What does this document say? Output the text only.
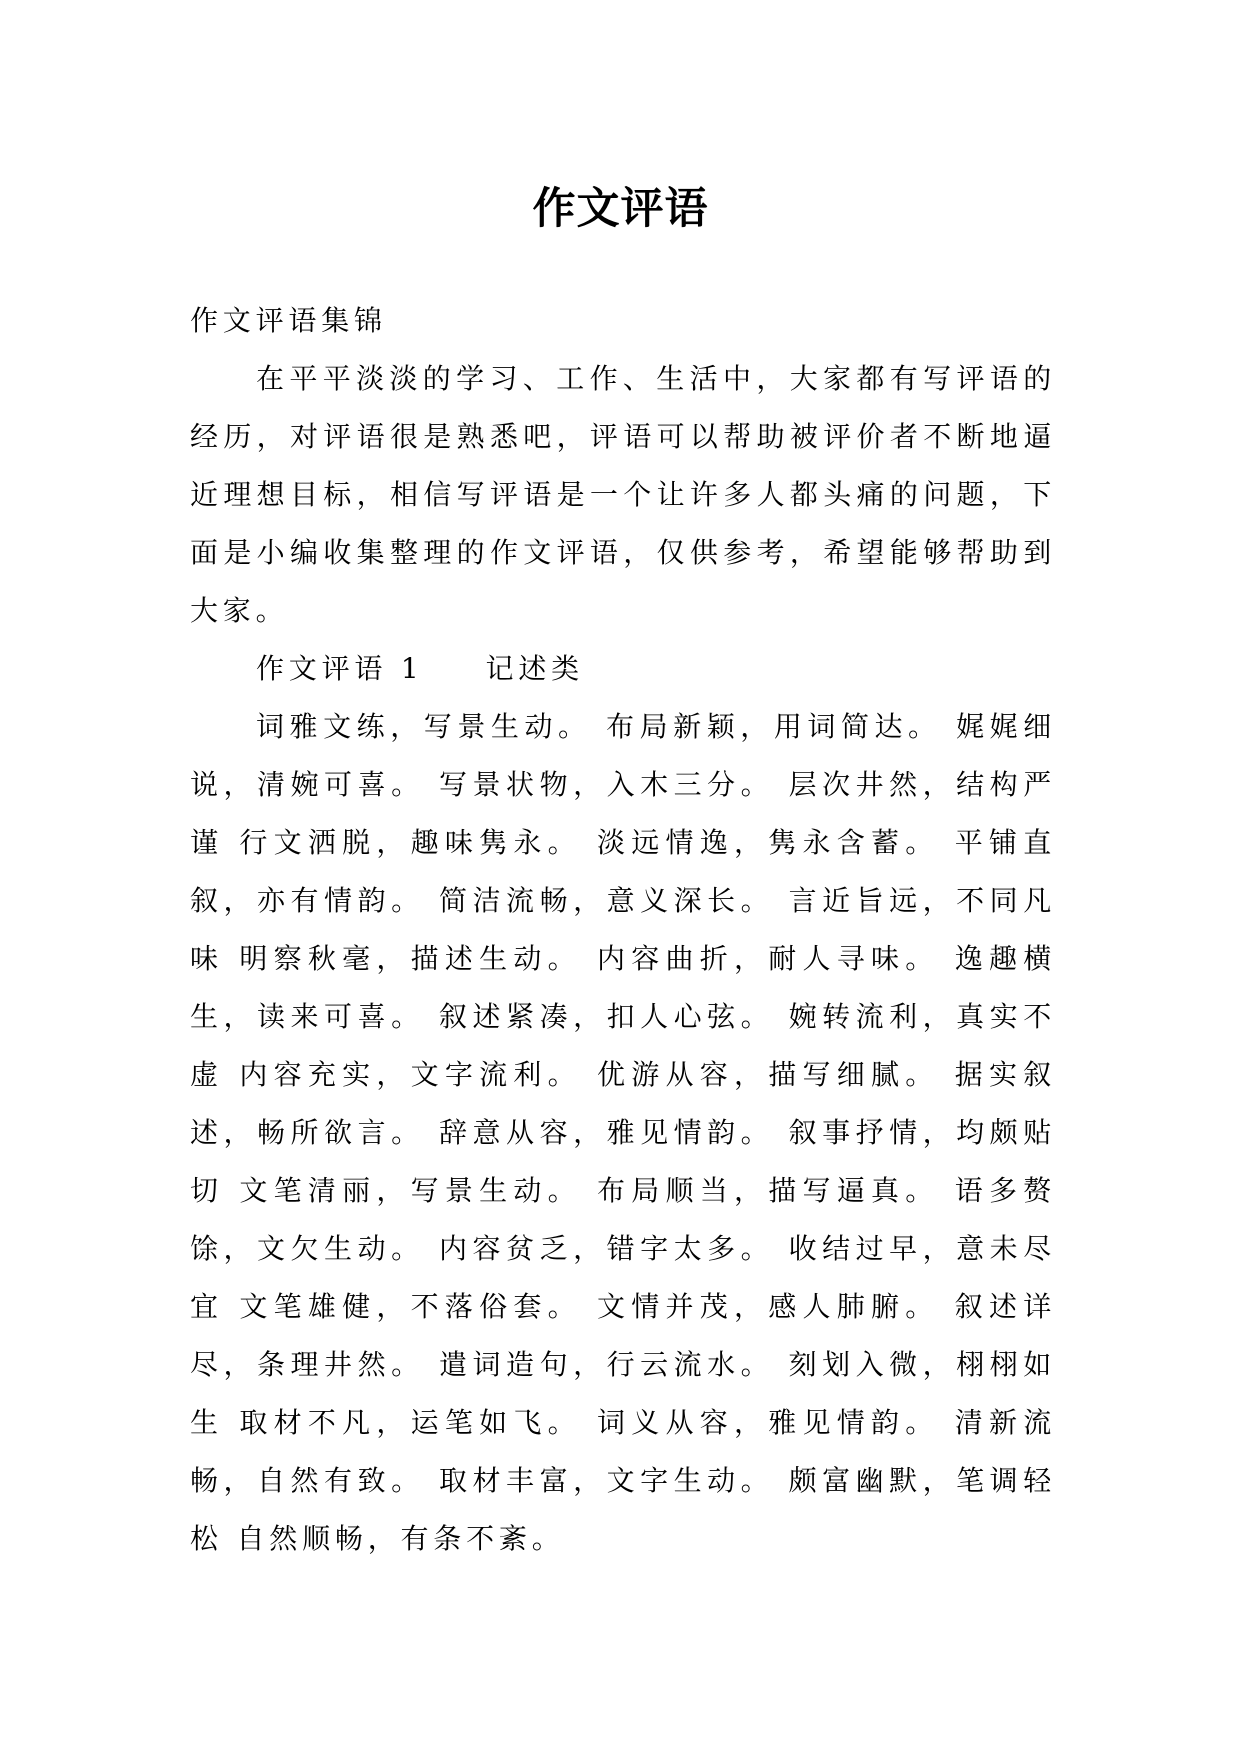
作文评语

作文评语集锦

在平平淡淡的学习、工作、生活中，大家都有写评语的经历，对评语很是熟悉吧，评语可以帮助被评价者不断地逼近理想目标，相信写评语是一个让许多人都头痛的问题，下面是小编收集整理的作文评语，仅供参考，希望能够帮助到大家。

作文评语 1 记述类

词雅文练，写景生动。 布局新颖，用词简达。 娓娓细说，清婉可喜。 写景状物，入木三分。 层次井然，结构严谨 行文洒脱，趣味隽永。 淡远情逸，隽永含蓄。 平铺直叙，亦有情韵。 简洁流畅，意义深长。 言近旨远，不同凡味 明察秋毫，描述生动。 内容曲折，耐人寻味。 逸趣横生，读来可喜。 叙述紧凑，扣人心弦。 婉转流利，真实不虚 内容充实，文字流利。 优游从容，描写细腻。 据实叙述，畅所欲言。 辞意从容，雅见情韵。 叙事抒情，均颇贴切 文笔清丽，写景生动。 布局顺当，描写逼真。 语多赘馀，文欠生动。 内容贫乏，错字太多。 收结过早，意未尽宜 文笔雄健，不落俗套。 文情并茂，感人肺腑。 叙述详尽，条理井然。 遣词造句，行云流水。 刻划入微，栩栩如生 取材不凡，运笔如飞。 词义从容，雅见情韵。 清新流畅，自然有致。 取材丰富，文字生动。 颇富幽默，笔调轻松 自然顺畅，有条不紊。
